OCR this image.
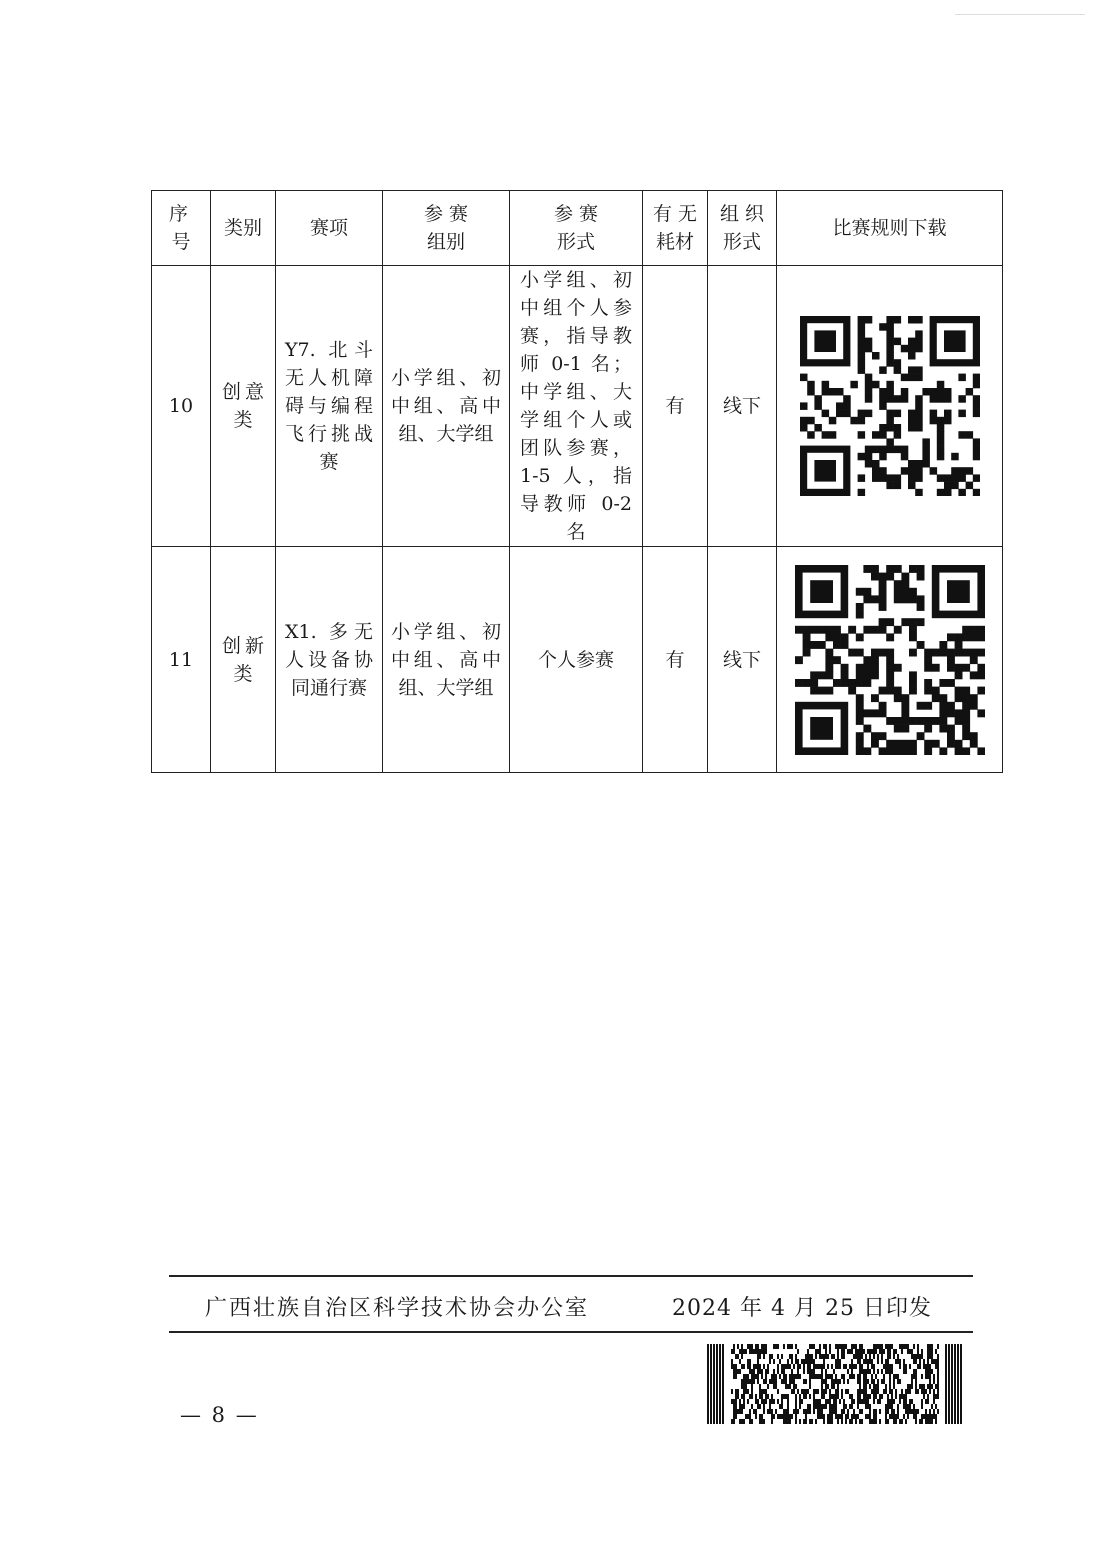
序号	类别	赛项	参赛组别	参赛形式	有无耗材	组织形式	比赛规则下载
10	创意类	Y7. 北斗无人机障碍与编程飞行挑战赛	小学组、初中组、高中组、大学组	小学组、初中组个人参赛，指导教师 0-1 名；中学组、大学组个人或团队参赛，1-5 人，指导教师 0-2 名	有	线下	

11	创新类	X1. 多无人设备协同通行赛	小学组、初中组、高中组、大学组	个人参赛	有	线下	
广西壮族自治区科学技术协会办公室	2024 年 4 月 25 日印发
— 8 —
